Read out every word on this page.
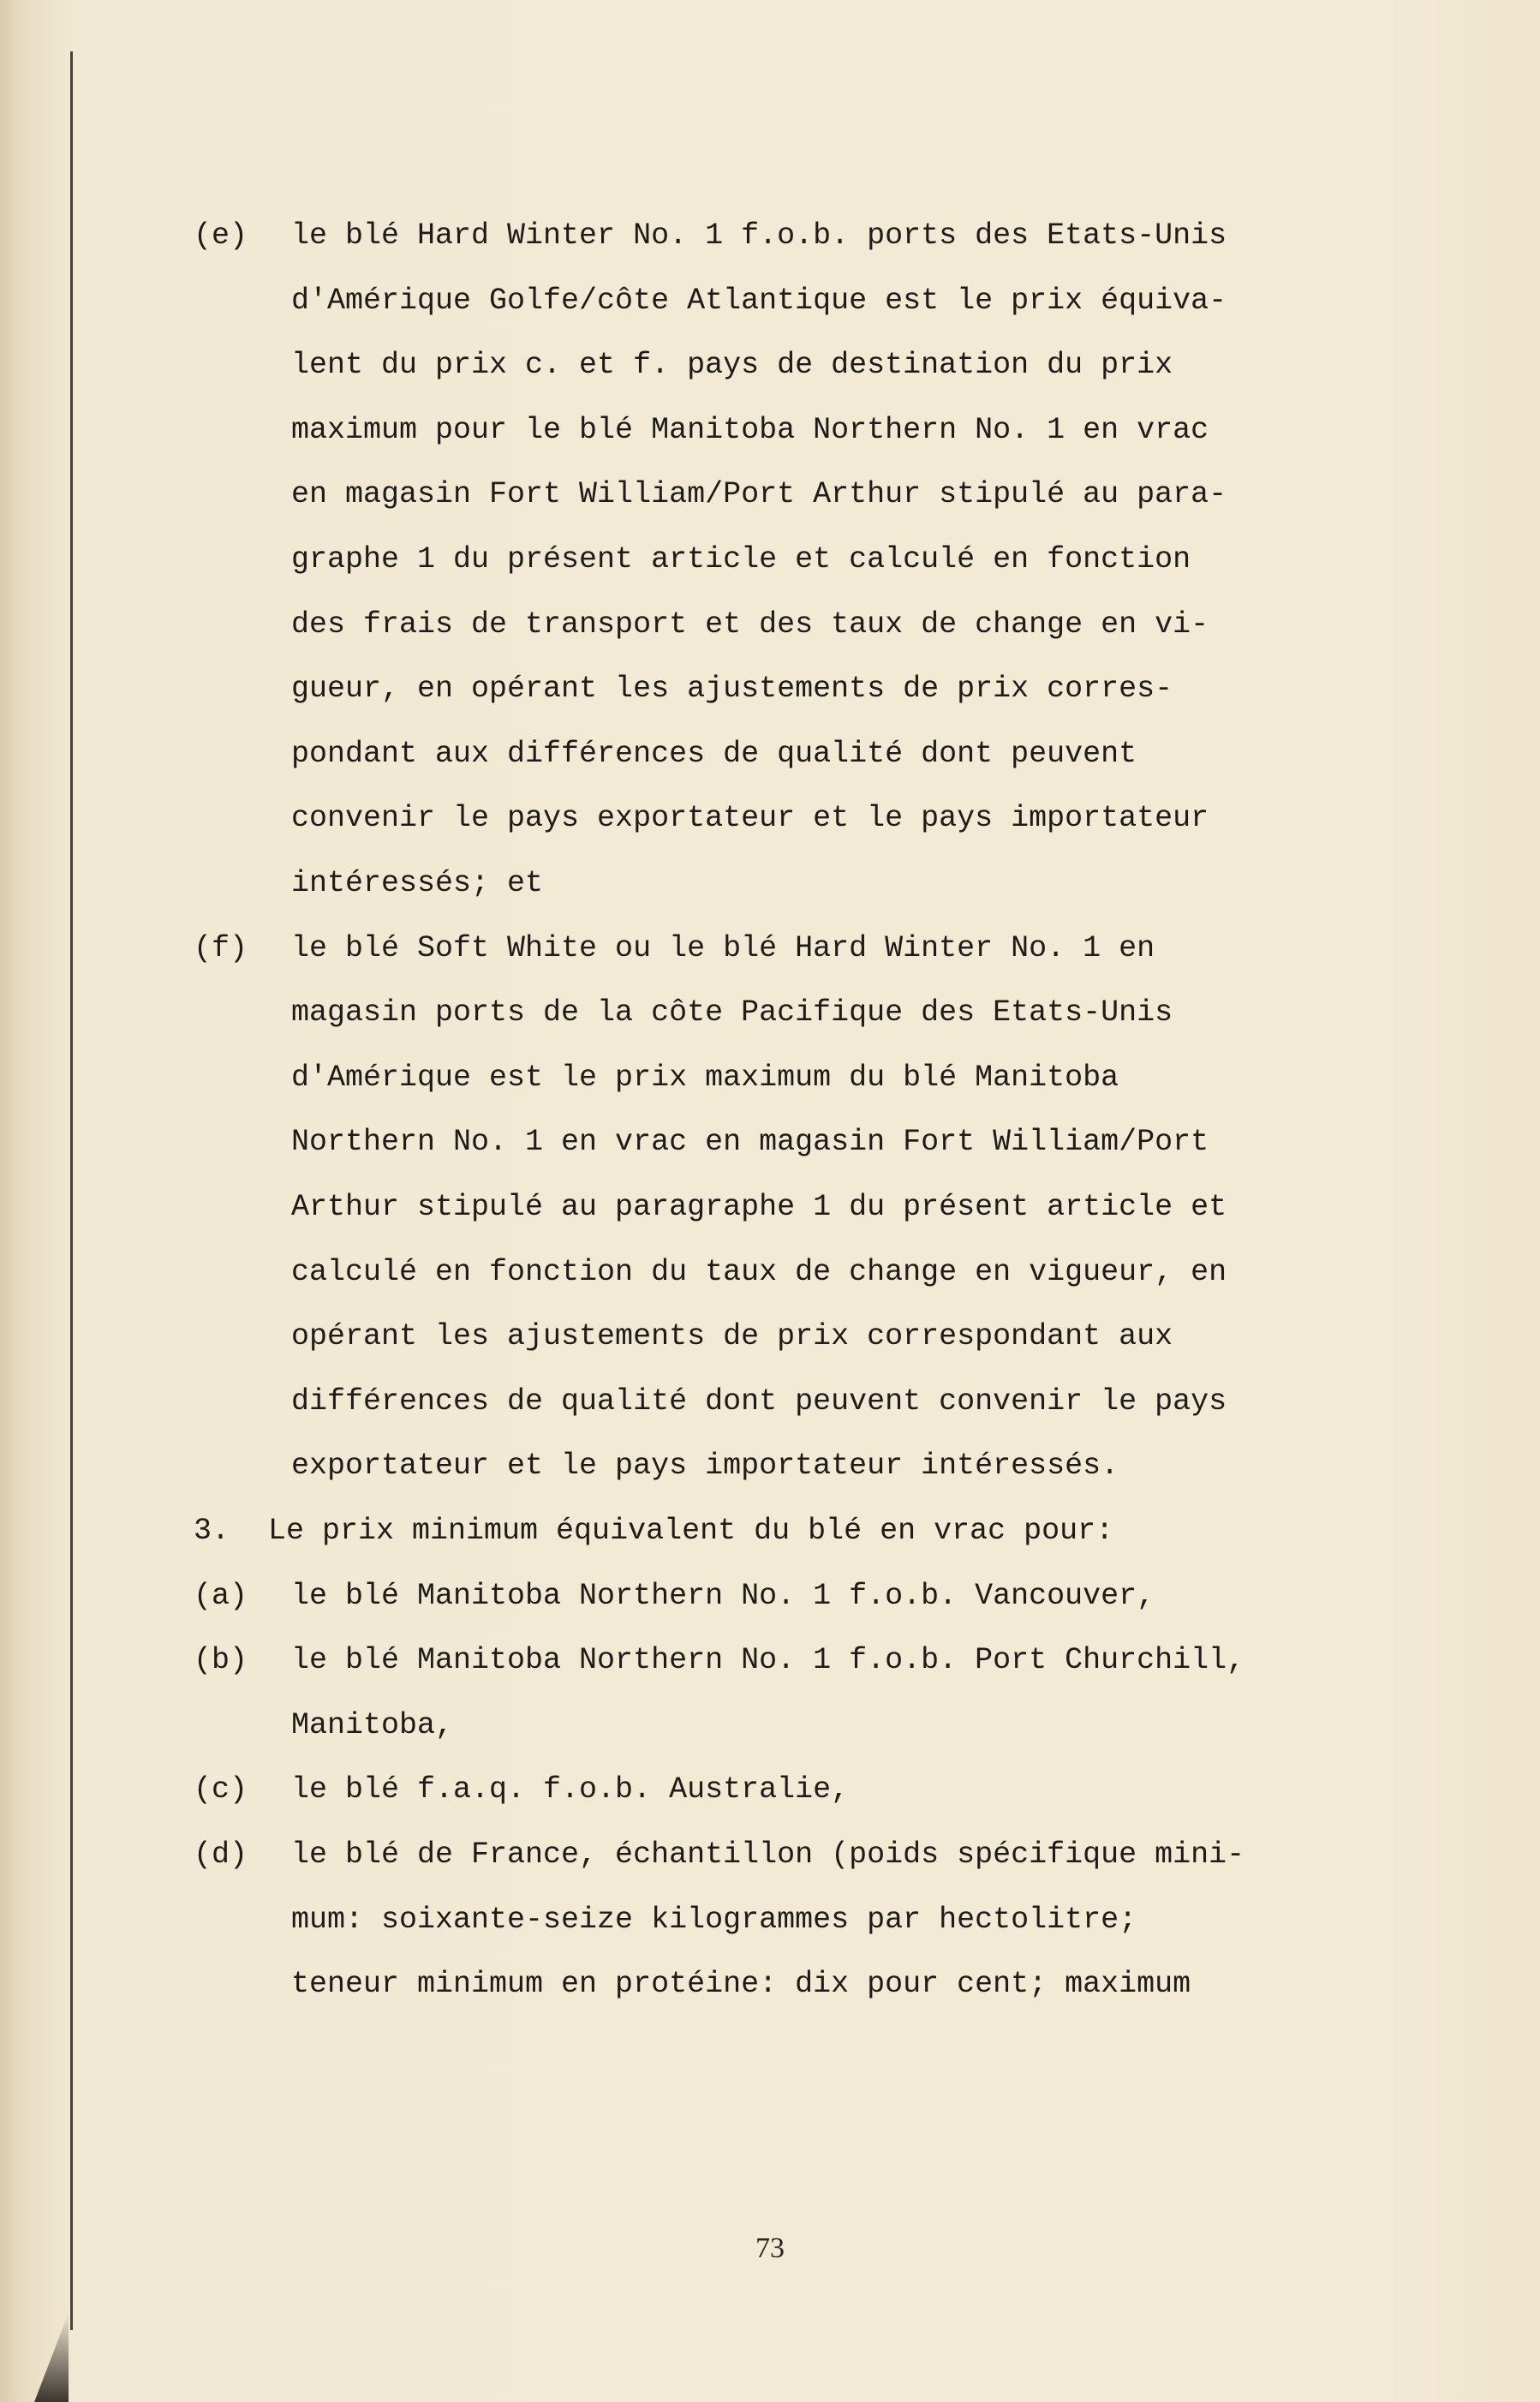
(e) le blé Hard Winter No. 1 f.o.b. ports des Etats-Unis
d'Amérique Golfe/côte Atlantique est le prix équiva-
lent du prix c. et f. pays de destination du prix
maximum pour le blé Manitoba Northern No. 1 en vrac
en magasin Fort William/Port Arthur stipulé au para-
graphe 1 du présent article et calculé en fonction
des frais de transport et des taux de change en vi-
gueur, en opérant les ajustements de prix corres-
pondant aux différences de qualité dont peuvent
convenir le pays exportateur et le pays importateur
intéressés; et
(f) le blé Soft White ou le blé Hard Winter No. 1 en
magasin ports de la côte Pacifique des Etats-Unis
d'Amérique est le prix maximum du blé Manitoba
Northern No. 1 en vrac en magasin Fort William/Port
Arthur stipulé au paragraphe 1 du présent article et
calculé en fonction du taux de change en vigueur, en
opérant les ajustements de prix correspondant aux
différences de qualité dont peuvent convenir le pays
exportateur et le pays importateur intéressés.
3. Le prix minimum équivalent du blé en vrac pour:
(a) le blé Manitoba Northern No. 1 f.o.b. Vancouver,
(b) le blé Manitoba Northern No. 1 f.o.b. Port Churchill,
Manitoba,
(c) le blé f.a.q. f.o.b. Australie,
(d) le blé de France, échantillon (poids spécifique mini-
mum: soixante-seize kilogrammes par hectolitre;
teneur minimum en protéine: dix pour cent; maximum
73
